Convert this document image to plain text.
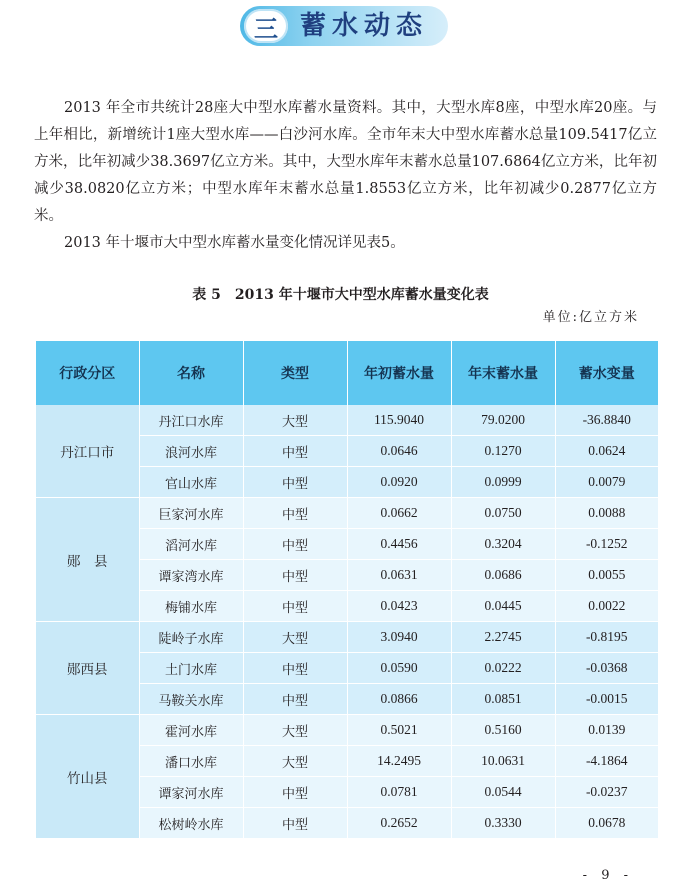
三 蓄水动态

2013 年全市共统计28座大中型水库蓄水量资料。其中，大型水库8座，中型水库20座。与上年相比，新增统计1座大型水库——白沙河水库。全市年末大中型水库蓄水总量109.5417亿立方米，比年初减少38.3697亿立方米。其中，大型水库年末蓄水总量107.6864亿立方米，比年初减少38.0820亿立方米；中型水库年末蓄水总量1.8553亿立方米，比年初减少0.2877亿立方米。

2013 年十堰市大中型水库蓄水量变化情况详见表5。

表 5　2013 年十堰市大中型水库蓄水量变化表
单位:亿立方米
行政分区	名称	类型	年初蓄水量	年末蓄水量	蓄水变量
丹江口市	丹江口水库	大型	115.9040	79.0200	-36.8840
	浪河水库	中型	0.0646	0.1270	0.0624
	官山水库	中型	0.0920	0.0999	0.0079
郧　县	巨家河水库	中型	0.0662	0.0750	0.0088
	滔河水库	中型	0.4456	0.3204	-0.1252
	谭家湾水库	中型	0.0631	0.0686	0.0055
	梅铺水库	中型	0.0423	0.0445	0.0022
郧西县	陡岭子水库	大型	3.0940	2.2745	-0.8195
	土门水库	中型	0.0590	0.0222	-0.0368
	马鞍关水库	中型	0.0866	0.0851	-0.0015
竹山县	霍河水库	大型	0.5021	0.5160	0.0139
	潘口水库	大型	14.2495	10.0631	-4.1864
	谭家河水库	中型	0.0781	0.0544	-0.0237
	松树岭水库	中型	0.2652	0.3330	0.0678
- 9 -
